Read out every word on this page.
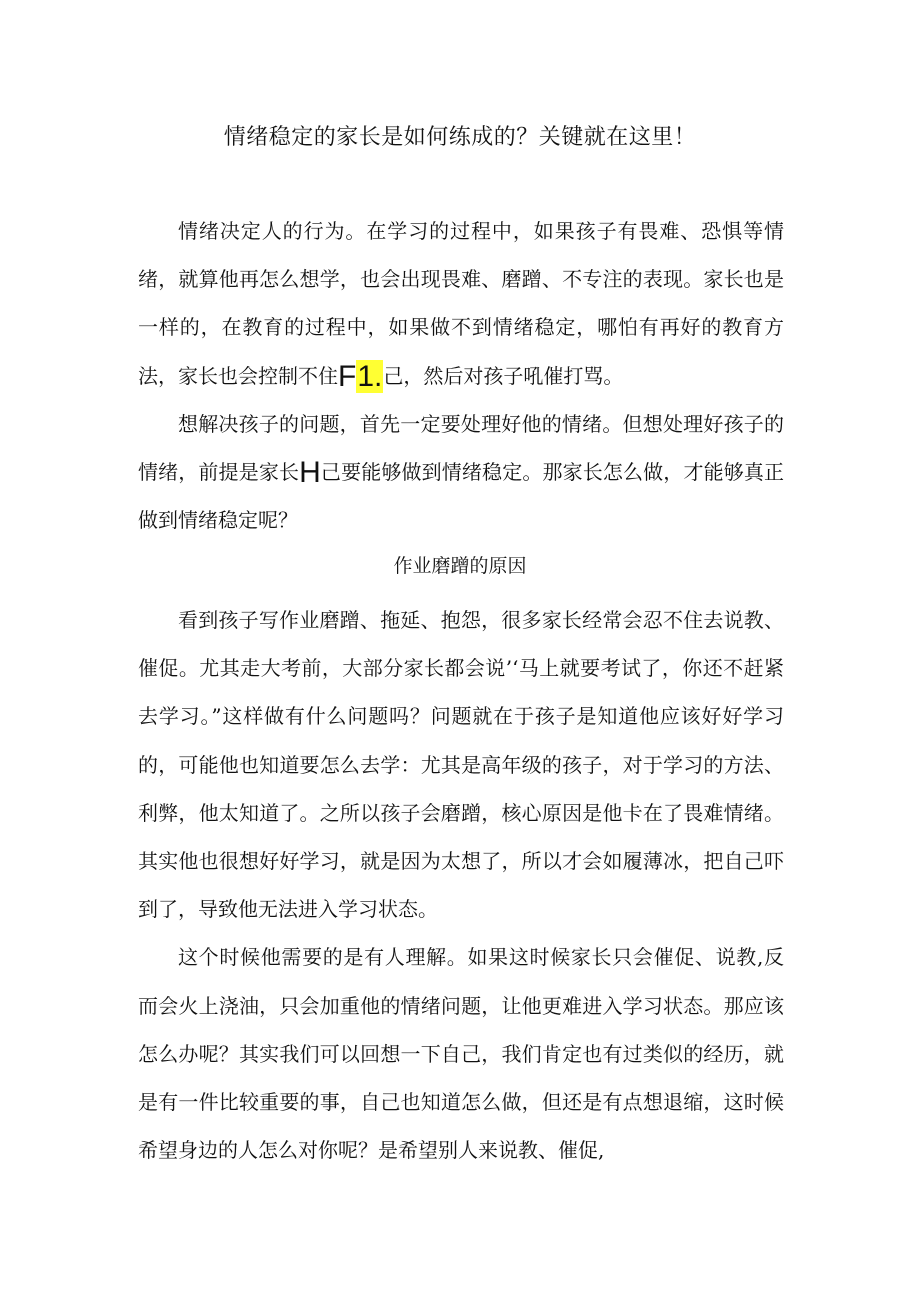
情绪稳定的家长是如何练成的？关键就在这里！

情绪决定人的行为。在学习的过程中，如果孩子有畏难、恐惧等情绪，就算他再怎么想学，也会出现畏难、磨蹭、不专注的表现。家长也是一样的，在教育的过程中，如果做不到情绪稳定，哪怕有再好的教育方法，家长也会控制不住F1.己，然后对孩子吼催打骂。

想解决孩子的问题，首先一定要处理好他的情绪。但想处理好孩子的情绪，前提是家长H己要能够做到情绪稳定。那家长怎么做，才能够真正做到情绪稳定呢？

作业磨蹭的原因

看到孩子写作业磨蹭、拖延、抱怨，很多家长经常会忍不住去说教、催促。尤其走大考前，大部分家长都会说’‘马上就要考试了，你还不赶紧去学习。”这样做有什么问题吗？问题就在于孩子是知道他应该好好学习的，可能他也知道要怎么去学：尤其是高年级的孩子，对于学习的方法、利弊，他太知道了。之所以孩子会磨蹭，核心原因是他卡在了畏难情绪。其实他也很想好好学习，就是因为太想了，所以才会如履薄冰，把自己吓到了，导致他无法进入学习状态。

这个时候他需要的是有人理解。如果这时候家长只会催促、说教,反而会火上浇油，只会加重他的情绪问题，让他更难进入学习状态。那应该怎么办呢？其实我们可以回想一下自己，我们肯定也有过类似的经历，就是有一件比较重要的事，自己也知道怎么做，但还是有点想退缩，这时候希望身边的人怎么对你呢？是希望别人来说教、催促,
